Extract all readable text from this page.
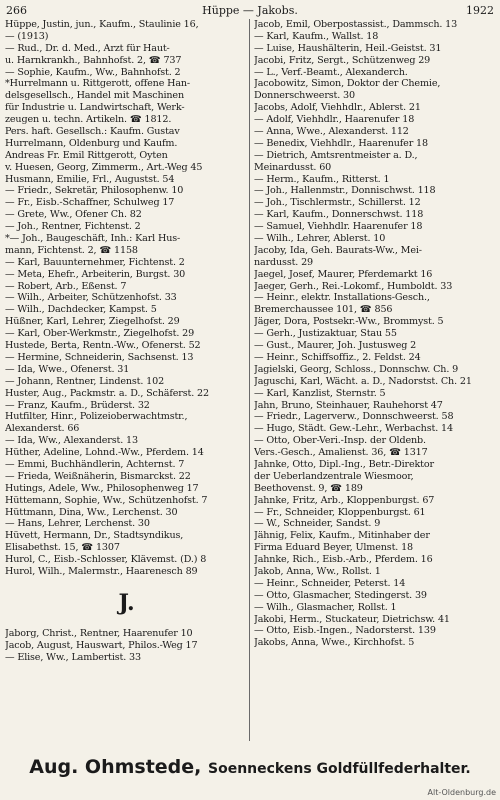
266	Hüppe — Jakobs.	1922
Hüppe, Justin, jun., Kaufm., Staulinie 16,
— (1913)
— Rud., Dr. d. Med., Arzt für Haut-
u. Harnkrankh., Bahnhofst. 2, ☎ 737
— Sophie, Kaufm., Ww., Bahnhofst. 2
*Hurrelmann u. Rittgerott, offene Han-
delsgesellsch., Handel mit Maschinen
für Industrie u. Landwirtschaft, Werk-
zeugen u. techn. Artikeln. ☎ 1812.
Pers. haft. Gesellsch.: Kaufm. Gustav
Hurrelmann, Oldenburg und Kaufm.
Andreas Fr. Emil Rittgerott, Oyten
v. Huesen, Georg, Zimmerm., Art.-Weg 45
Husmann, Emilie, Frl., Augustst. 54
— Friedr., Sekretär, Philosophenw. 10
— Fr., Eisb.-Schaffner, Schulweg 17
— Grete, Ww., Ofener Ch. 82
— Joh., Rentner, Fichtenst. 2
*— Joh., Baugeschäft, Inh.: Karl Hus-
mann, Fichtenst. 2, ☎ 1158
— Karl, Bauunternehmer, Fichtenst. 2
— Meta, Ehefr., Arbeiterin, Burgst. 30
— Robert, Arb., Eßenst. 7
— Wilh., Arbeiter, Schützenhofst. 33
— Wilh., Dachdecker, Kampst. 5
Hüßner, Karl, Lehrer, Ziegelhofst. 29
— Karl, Ober-Werkmstr., Ziegelhofst. 29
Hustede, Berta, Rentn.-Ww., Ofenerst. 52
— Hermine, Schneiderin, Sachsenst. 13
— Ida, Wwe., Ofenerst. 31
— Johann, Rentner, Lindenst. 102
Huster, Aug., Packmstr. a. D., Schäferst. 22
— Franz, Kaufm., Brüderst. 32
Hutfilter, Hinr., Polizeioberwachtmstr.,
Alexanderst. 66
— Ida, Ww., Alexanderst. 13
Hüther, Adeline, Lohnd.-Ww., Pferdem. 14
— Emmi, Buchhändlerin, Achternst. 7
— Frieda, Weißnäherin, Bismarckst. 22
Hutings, Adele, Ww., Philosophenweg 17
Hüttemann, Sophie, Ww., Schützenhofst. 7
Hüttmann, Dina, Ww., Lerchenst. 30
— Hans, Lehrer, Lerchenst. 30
Hüvett, Hermann, Dr., Stadtsyndikus,
Elisabethst. 15, ☎ 1307
Hurol, C., Eisb.-Schlosser, Klävemst. (D.) 8
Hurol, Wilh., Malermstr., Haarenesch 89
J.
Jaborg, Christ., Rentner, Haarenufer 10
Jacob, August, Hauswart, Philos.-Weg 17
— Elise, Ww., Lambertist. 33
Jacob, Emil, Oberpostassist., Dammsch. 13
— Karl, Kaufm., Wallst. 18
— Luise, Haushälterin, Heil.-Geistst. 31
Jacobi, Fritz, Sergt., Schützenweg 29
— L., Verf.-Beamt., Alexanderch.
Jacobowitz, Simon, Doktor der Chemie,
Donnerschweerst. 30
Jacobs, Adolf, Viehhdlr., Ablerst. 21
— Adolf, Viehhdlr., Haarenufer 18
— Anna, Wwe., Alexanderst. 112
— Benedix, Viehhdlr., Haarenufer 18
— Dietrich, Amtsrentmeister a. D.,
Meinardusst. 60
— Herm., Kaufm., Ritterst. 1
— Joh., Hallenmstr., Donnischwst. 118
— Joh., Tischlermstr., Schillerst. 12
— Karl, Kaufm., Donnerschwst. 118
— Samuel, Viehhdlr. Haarenufer 18
— Wilh., Lehrer, Ablerst. 10
Jacoby, Ida, Geh. Baurats-Ww., Mei-
nardusst. 29
Jaegel, Josef, Maurer, Pferdemarkt 16
Jaeger, Gerh., Rei.-Lokomf., Humboldt. 33
— Heinr., elektr. Installations-Gesch.,
Bremerchaussee 101, ☎ 856
Jäger, Dora, Postsekr.-Ww., Brommyst. 5
— Gerh., Justizaktuar, Stau 55
— Gust., Maurer, Joh. Justusweg 2
— Heinr., Schiffsoffiz., 2. Feldst. 24
Jagielski, Georg, Schloss., Donnschw. Ch. 9
Jaguschi, Karl, Wächt. a. D., Nadorstst. Ch. 21
— Karl, Kanzlist, Sternstr. 5
Jahn, Bruno, Steinhauer, Rauhehorst 47
— Friedr., Lagerverw., Donnschweerst. 58
— Hugo, Städt. Gew.-Lehr., Werbachst. 14
— Otto, Ober-Veri.-Insp. der Oldenb.
Vers.-Gesch., Amalienst. 36, ☎ 1317
Jahnke, Otto, Dipl.-Ing., Betr.-Direktor
der Ueberlandzentrale Wiesmoor,
Beethovenst. 9, ☎ 189
Jahnke, Fritz, Arb., Kloppenburgst. 67
— Fr., Schneider, Kloppenburgst. 61
— W., Schneider, Sandst. 9
Jähnig, Felix, Kaufm., Mitinhaber der
Firma Eduard Beyer, Ulmenst. 18
Jahnke, Rich., Eisb.-Arb., Pferdem. 16
Jakob, Anna, Ww., Rollst. 1
— Heinr., Schneider, Peterst. 14
— Otto, Glasmacher, Stedingerst. 39
— Wilh., Glasmacher, Rollst. 1
Jakobi, Herm., Stuckateur, Dietrichsw. 41
— Otto, Eisb.-Ingen., Nadorsterst. 139
Jakobs, Anna, Wwe., Kirchhofst. 5
Aug. Ohmstede, Soenneckens Goldfüllfederhalter.
Alt-Oldenburg.de
